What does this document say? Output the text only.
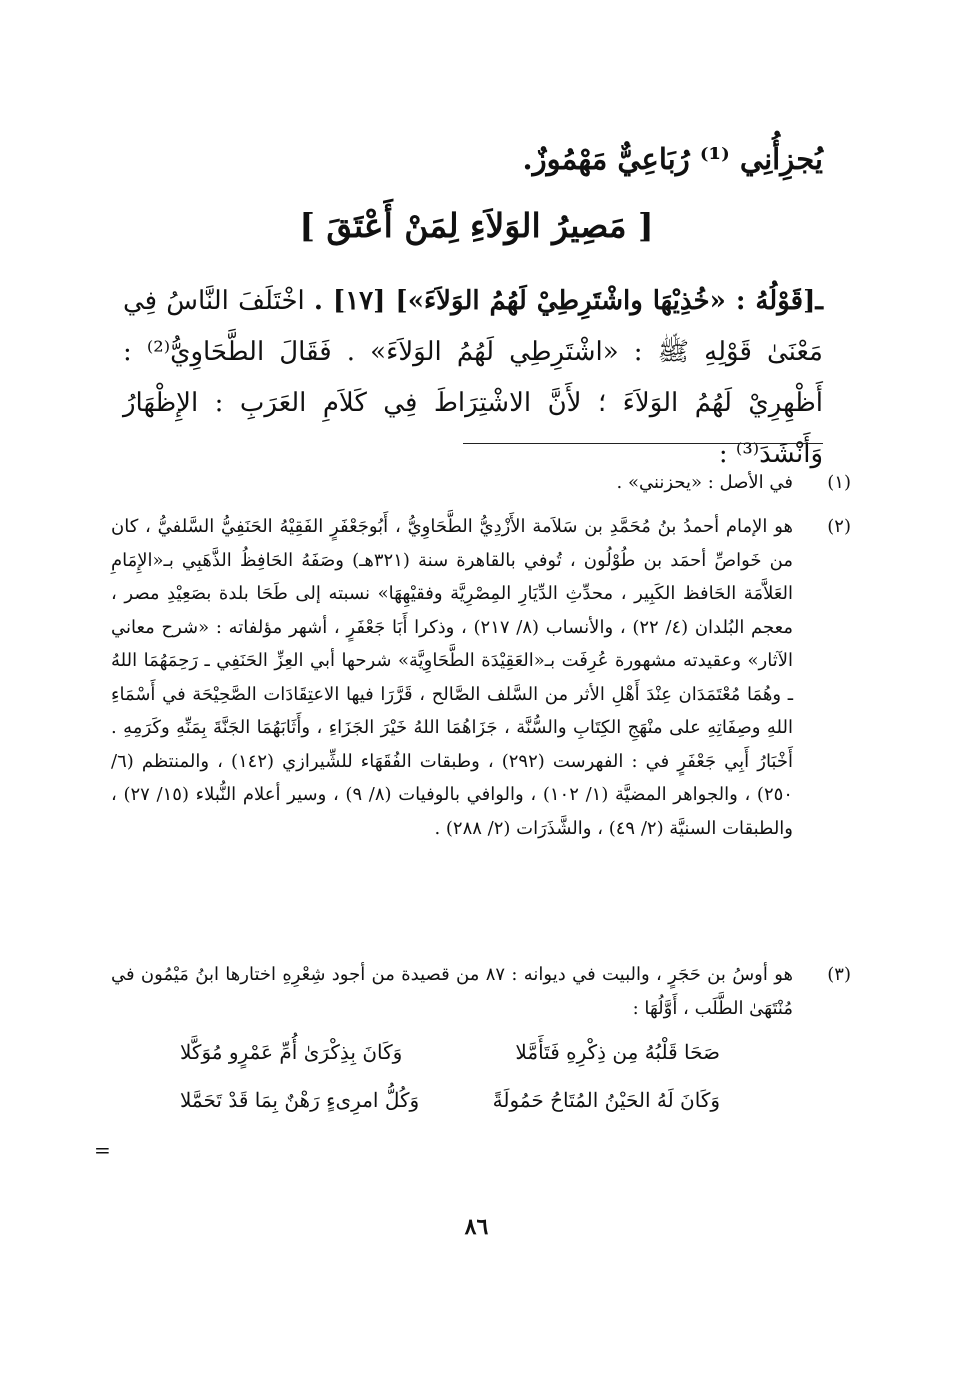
يُجزِأُنِي ⁽¹⁾ رُبَاعِيٌّ مَهْمُوزٌ.
[ مَصِيرُ الوَلاَءِ لِمَنْ أَعْتَقَ ]
ـ[قَوْلُهُ : «خُذِيْهَا واشْتَرِطِيْ لَهُمُ الوَلاَءَ»] [١٧] . اخْتَلَفَ النَّاسُ فِي مَعْنَىٰ قَوْلِهِ ﷺ : «اشْتَرِطِي لَهُمُ الوَلاَءَ» . فَقَالَ الطَّحَاوِيُّ⁽²⁾ : أَظْهِرِيْ لَهُمُ الوَلاَءَ ؛ لأَنَّ الاشْتِرَاطَ فِي كَلاَمِ العَرَبِ : الإِظْهَارُ وَأَنْشَدَ⁽³⁾ :
(١)
في الأصل : «يحزنني» .
(٢)
هو الإمام أحمدُ بنُ مُحَمَّدِ بن سَلاَمة الأَزْدِيُّ الطَّحَاوِيُّ ، أَبُوجَعْفَرٍ الفَقِيْهُ الحَنَفِيُّ السَّلفيُّ ، كان من خَواصِّ أحمَد بن طُوْلُون ، تُوفي بالقاهرة سنة (٣٢١هـ) وصَفَهُ الحَافِظُ الذَّهَبِي بـ«الإِمَامِ العَلاَّمَة الحَافظ الكَبِير ، محدِّثِ الدِّيَارِ المِصْرِيَّة وفقيْهِهَا» نسبته إلى طَحَا بلدة بصَعِيْدِ مصر ، معجم البُلدان (٤/ ٢٢) ، والأنساب (٨/ ٢١٧) ، وذكرا أَبَا جَعْفَرٍ ، أشهر مؤلفاته : «شرح معاني الآثار» وعقيدته مشهورة عُرِفَت بـ«العَقِيْدَة الطَّحَاوِيَّة» شرحها أبي العِزِّ الحَنَفِي ـ رَحِمَهُمَا اللهُ ـ وهُمَا مُعْتَمَدَان عِنْدَ أَهْلِ الأثر من السَّلف الصَّالح ، قَرَّرَا فيها الاعتِقَادَات الصَّحِيْحَة في أَسْمَاءِ اللهِ وصِفَاتِهِ على منْهَجِ الكِتَابِ والسُّنَّة ، جَزَاهُمَا اللهُ خَيْرَ الجَزَاءِ ، وأَثَابَهُمَا الجَنَّةَ بِمَنِّهِ وكَرَمِهِ . أَخْبَارُ أَبِي جَعْفَرٍ في : الفهرست (٢٩٢) ، وطبقات الفُقَهَاء للشِّيرازي (١٤٢) ، والمنتظم (٦/ ٢٥٠) ، والجواهر المضيَّة (١/ ١٠٢) ، والوافي بالوفيات (٨/ ٩) ، وسير أعلام النُّبلاء (١٥/ ٢٧) ، والطبقات السنيَّة (٢/ ٤٩) ، والشَّذَرَات (٢/ ٢٨٨) .
(٣)
هو أوسُ بن حَجَرٍ ، والبيت في ديوانه : ٨٧ من قصيدة من أجود شِعْرِهِ اختارها ابنُ مَيْمُون في مُنْتَهَىٰ الطَّلَب ، أَوَّلُهَا :
صَحَا قَلْبُهُ مِن ذِكْرِهِ فَتَأَمَّلا
وَكَانَ بِذِكْرَىٰ أُمِّ عَمْرٍو مُوَكَّلا
وَكَانَ لَهُ الحَيْنُ المُتَاحُ حَمُولَةً
وَكُلُّ امرِىءٍ رَهْنٌ بِمَا قَدْ تَحَمَّلا
=
٨٦
